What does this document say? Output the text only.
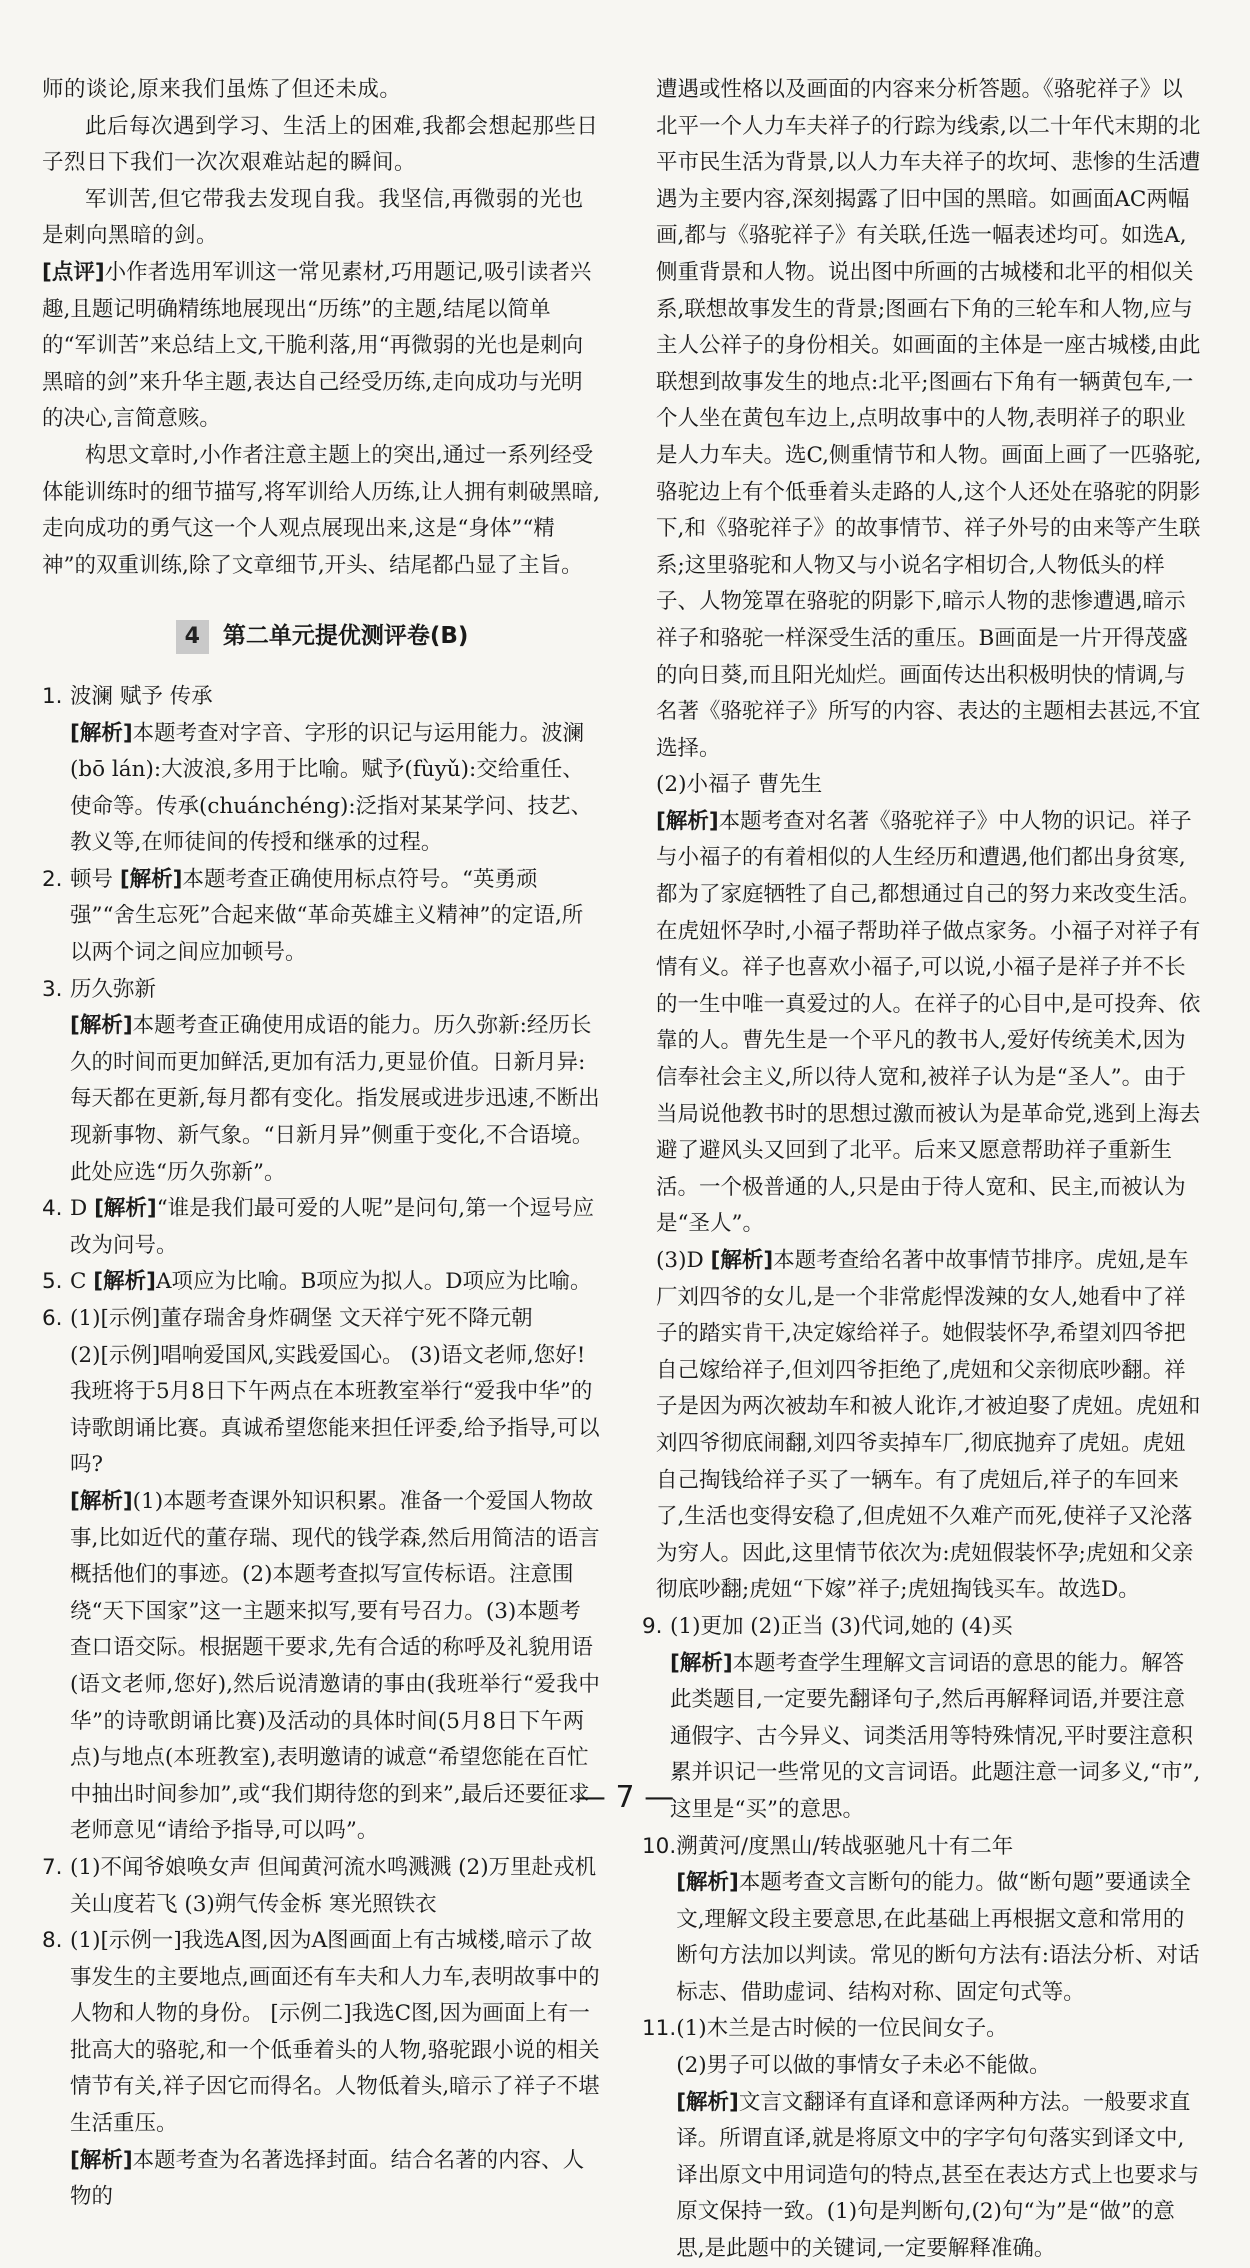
师的谈论,原来我们虽炼了但还未成。

此后每次遇到学习、生活上的困难,我都会想起那些日子烈日下我们一次次艰难站起的瞬间。

军训苦,但它带我去发现自我。我坚信,再微弱的光也是刺向黑暗的剑。

[点评]小作者选用军训这一常见素材,巧用题记,吸引读者兴趣,且题记明确精练地展现出“历练”的主题,结尾以简单的“军训苦”来总结上文,干脆利落,用“再微弱的光也是刺向黑暗的剑”来升华主题,表达自己经受历练,走向成功与光明的决心,言简意赅。

构思文章时,小作者注意主题上的突出,通过一系列经受体能训练时的细节描写,将军训给人历练,让人拥有刺破黑暗,走向成功的勇气这一个人观点展现出来,这是“身体”“精神”的双重训练,除了文章细节,开头、结尾都凸显了主旨。

4 第二单元提优测评卷(B)
1. 波澜 赋予 传承

[解析]本题考查对字音、字形的识记与运用能力。波澜(bō lán):大波浪,多用于比喻。赋予(fùyǔ):交给重任、使命等。传承(chuánchéng):泛指对某某学问、技艺、教义等,在师徒间的传授和继承的过程。

2. 顿号 [解析]本题考查正确使用标点符号。“英勇顽强”“舍生忘死”合起来做“革命英雄主义精神”的定语,所以两个词之间应加顿号。

3. 历久弥新

[解析]本题考查正确使用成语的能力。历久弥新:经历长久的时间而更加鲜活,更加有活力,更显价值。日新月异:每天都在更新,每月都有变化。指发展或进步迅速,不断出现新事物、新气象。“日新月异”侧重于变化,不合语境。此处应选“历久弥新”。

4. D [解析]“谁是我们最可爱的人呢”是问句,第一个逗号应改为问号。

5. C [解析]A项应为比喻。B项应为拟人。D项应为比喻。

6. (1)[示例]董存瑞舍身炸碉堡 文天祥宁死不降元朝

(2)[示例]唱响爱国风,实践爱国心。 (3)语文老师,您好!我班将于5月8日下午两点在本班教室举行“爱我中华”的诗歌朗诵比赛。真诚希望您能来担任评委,给予指导,可以吗?

[解析](1)本题考查课外知识积累。准备一个爱国人物故事,比如近代的董存瑞、现代的钱学森,然后用简洁的语言概括他们的事迹。(2)本题考查拟写宣传标语。注意围绕“天下国家”这一主题来拟写,要有号召力。(3)本题考查口语交际。根据题干要求,先有合适的称呼及礼貌用语(语文老师,您好),然后说清邀请的事由(我班举行“爱我中华”的诗歌朗诵比赛)及活动的具体时间(5月8日下午两点)与地点(本班教室),表明邀请的诚意“希望您能在百忙中抽出时间参加”,或“我们期待您的到来”,最后还要征求老师意见“请给予指导,可以吗”。

7. (1)不闻爷娘唤女声 但闻黄河流水鸣溅溅 (2)万里赴戎机 关山度若飞 (3)朔气传金柝 寒光照铁衣

8. (1)[示例一]我选A图,因为A图画面上有古城楼,暗示了故事发生的主要地点,画面还有车夫和人力车,表明故事中的人物和人物的身份。 [示例二]我选C图,因为画面上有一批高大的骆驼,和一个低垂着头的人物,骆驼跟小说的相关情节有关,祥子因它而得名。人物低着头,暗示了祥子不堪生活重压。

[解析]本题考查为名著选择封面。结合名著的内容、人物的

遭遇或性格以及画面的内容来分析答题。《骆驼祥子》以北平一个人力车夫祥子的行踪为线索,以二十年代末期的北平市民生活为背景,以人力车夫祥子的坎坷、悲惨的生活遭遇为主要内容,深刻揭露了旧中国的黑暗。如画面AC两幅画,都与《骆驼祥子》有关联,任选一幅表述均可。如选A,侧重背景和人物。说出图中所画的古城楼和北平的相似关系,联想故事发生的背景;图画右下角的三轮车和人物,应与主人公祥子的身份相关。如画面的主体是一座古城楼,由此联想到故事发生的地点:北平;图画右下角有一辆黄包车,一个人坐在黄包车边上,点明故事中的人物,表明祥子的职业是人力车夫。选C,侧重情节和人物。画面上画了一匹骆驼,骆驼边上有个低垂着头走路的人,这个人还处在骆驼的阴影下,和《骆驼祥子》的故事情节、祥子外号的由来等产生联系;这里骆驼和人物又与小说名字相切合,人物低头的样子、人物笼罩在骆驼的阴影下,暗示人物的悲惨遭遇,暗示祥子和骆驼一样深受生活的重压。B画面是一片开得茂盛的向日葵,而且阳光灿烂。画面传达出积极明快的情调,与名著《骆驼祥子》所写的内容、表达的主题相去甚远,不宜选择。

(2)小福子 曹先生

[解析]本题考查对名著《骆驼祥子》中人物的识记。祥子与小福子的有着相似的人生经历和遭遇,他们都出身贫寒,都为了家庭牺牲了自己,都想通过自己的努力来改变生活。在虎妞怀孕时,小福子帮助祥子做点家务。小福子对祥子有情有义。祥子也喜欢小福子,可以说,小福子是祥子并不长的一生中唯一真爱过的人。在祥子的心目中,是可投奔、依靠的人。曹先生是一个平凡的教书人,爱好传统美术,因为信奉社会主义,所以待人宽和,被祥子认为是“圣人”。由于当局说他教书时的思想过激而被认为是革命党,逃到上海去避了避风头又回到了北平。后来又愿意帮助祥子重新生活。一个极普通的人,只是由于待人宽和、民主,而被认为是“圣人”。

(3)D [解析]本题考查给名著中故事情节排序。虎妞,是车厂刘四爷的女儿,是一个非常彪悍泼辣的女人,她看中了祥子的踏实肯干,决定嫁给祥子。她假装怀孕,希望刘四爷把自己嫁给祥子,但刘四爷拒绝了,虎妞和父亲彻底吵翻。祥子是因为两次被劫车和被人讹诈,才被迫娶了虎妞。虎妞和刘四爷彻底闹翻,刘四爷卖掉车厂,彻底抛弃了虎妞。虎妞自己掏钱给祥子买了一辆车。有了虎妞后,祥子的车回来了,生活也变得安稳了,但虎妞不久难产而死,使祥子又沦落为穷人。因此,这里情节依次为:虎妞假装怀孕;虎妞和父亲彻底吵翻;虎妞“下嫁”祥子;虎妞掏钱买车。故选D。

9. (1)更加 (2)正当 (3)代词,她的 (4)买

[解析]本题考查学生理解文言词语的意思的能力。解答此类题目,一定要先翻译句子,然后再解释词语,并要注意通假字、古今异义、词类活用等特殊情况,平时要注意积累并识记一些常见的文言词语。此题注意一词多义,“市”,这里是“买”的意思。

10. 溯黄河/度黑山/转战驱驰凡十有二年

[解析]本题考查文言断句的能力。做“断句题”要通读全文,理解文段主要意思,在此基础上再根据文意和常用的断句方法加以判读。常见的断句方法有:语法分析、对话标志、借助虚词、结构对称、固定句式等。

11. (1)木兰是古时候的一位民间女子。

(2)男子可以做的事情女子未必不能做。

[解析]文言文翻译有直译和意译两种方法。一般要求直译。所谓直译,就是将原文中的字字句句落实到译文中,译出原文中用词造句的特点,甚至在表达方式上也要求与原文保持一致。(1)句是判断句,(2)句“为”是“做”的意思,是此题中的关键词,一定要解释准确。

— 7 —
